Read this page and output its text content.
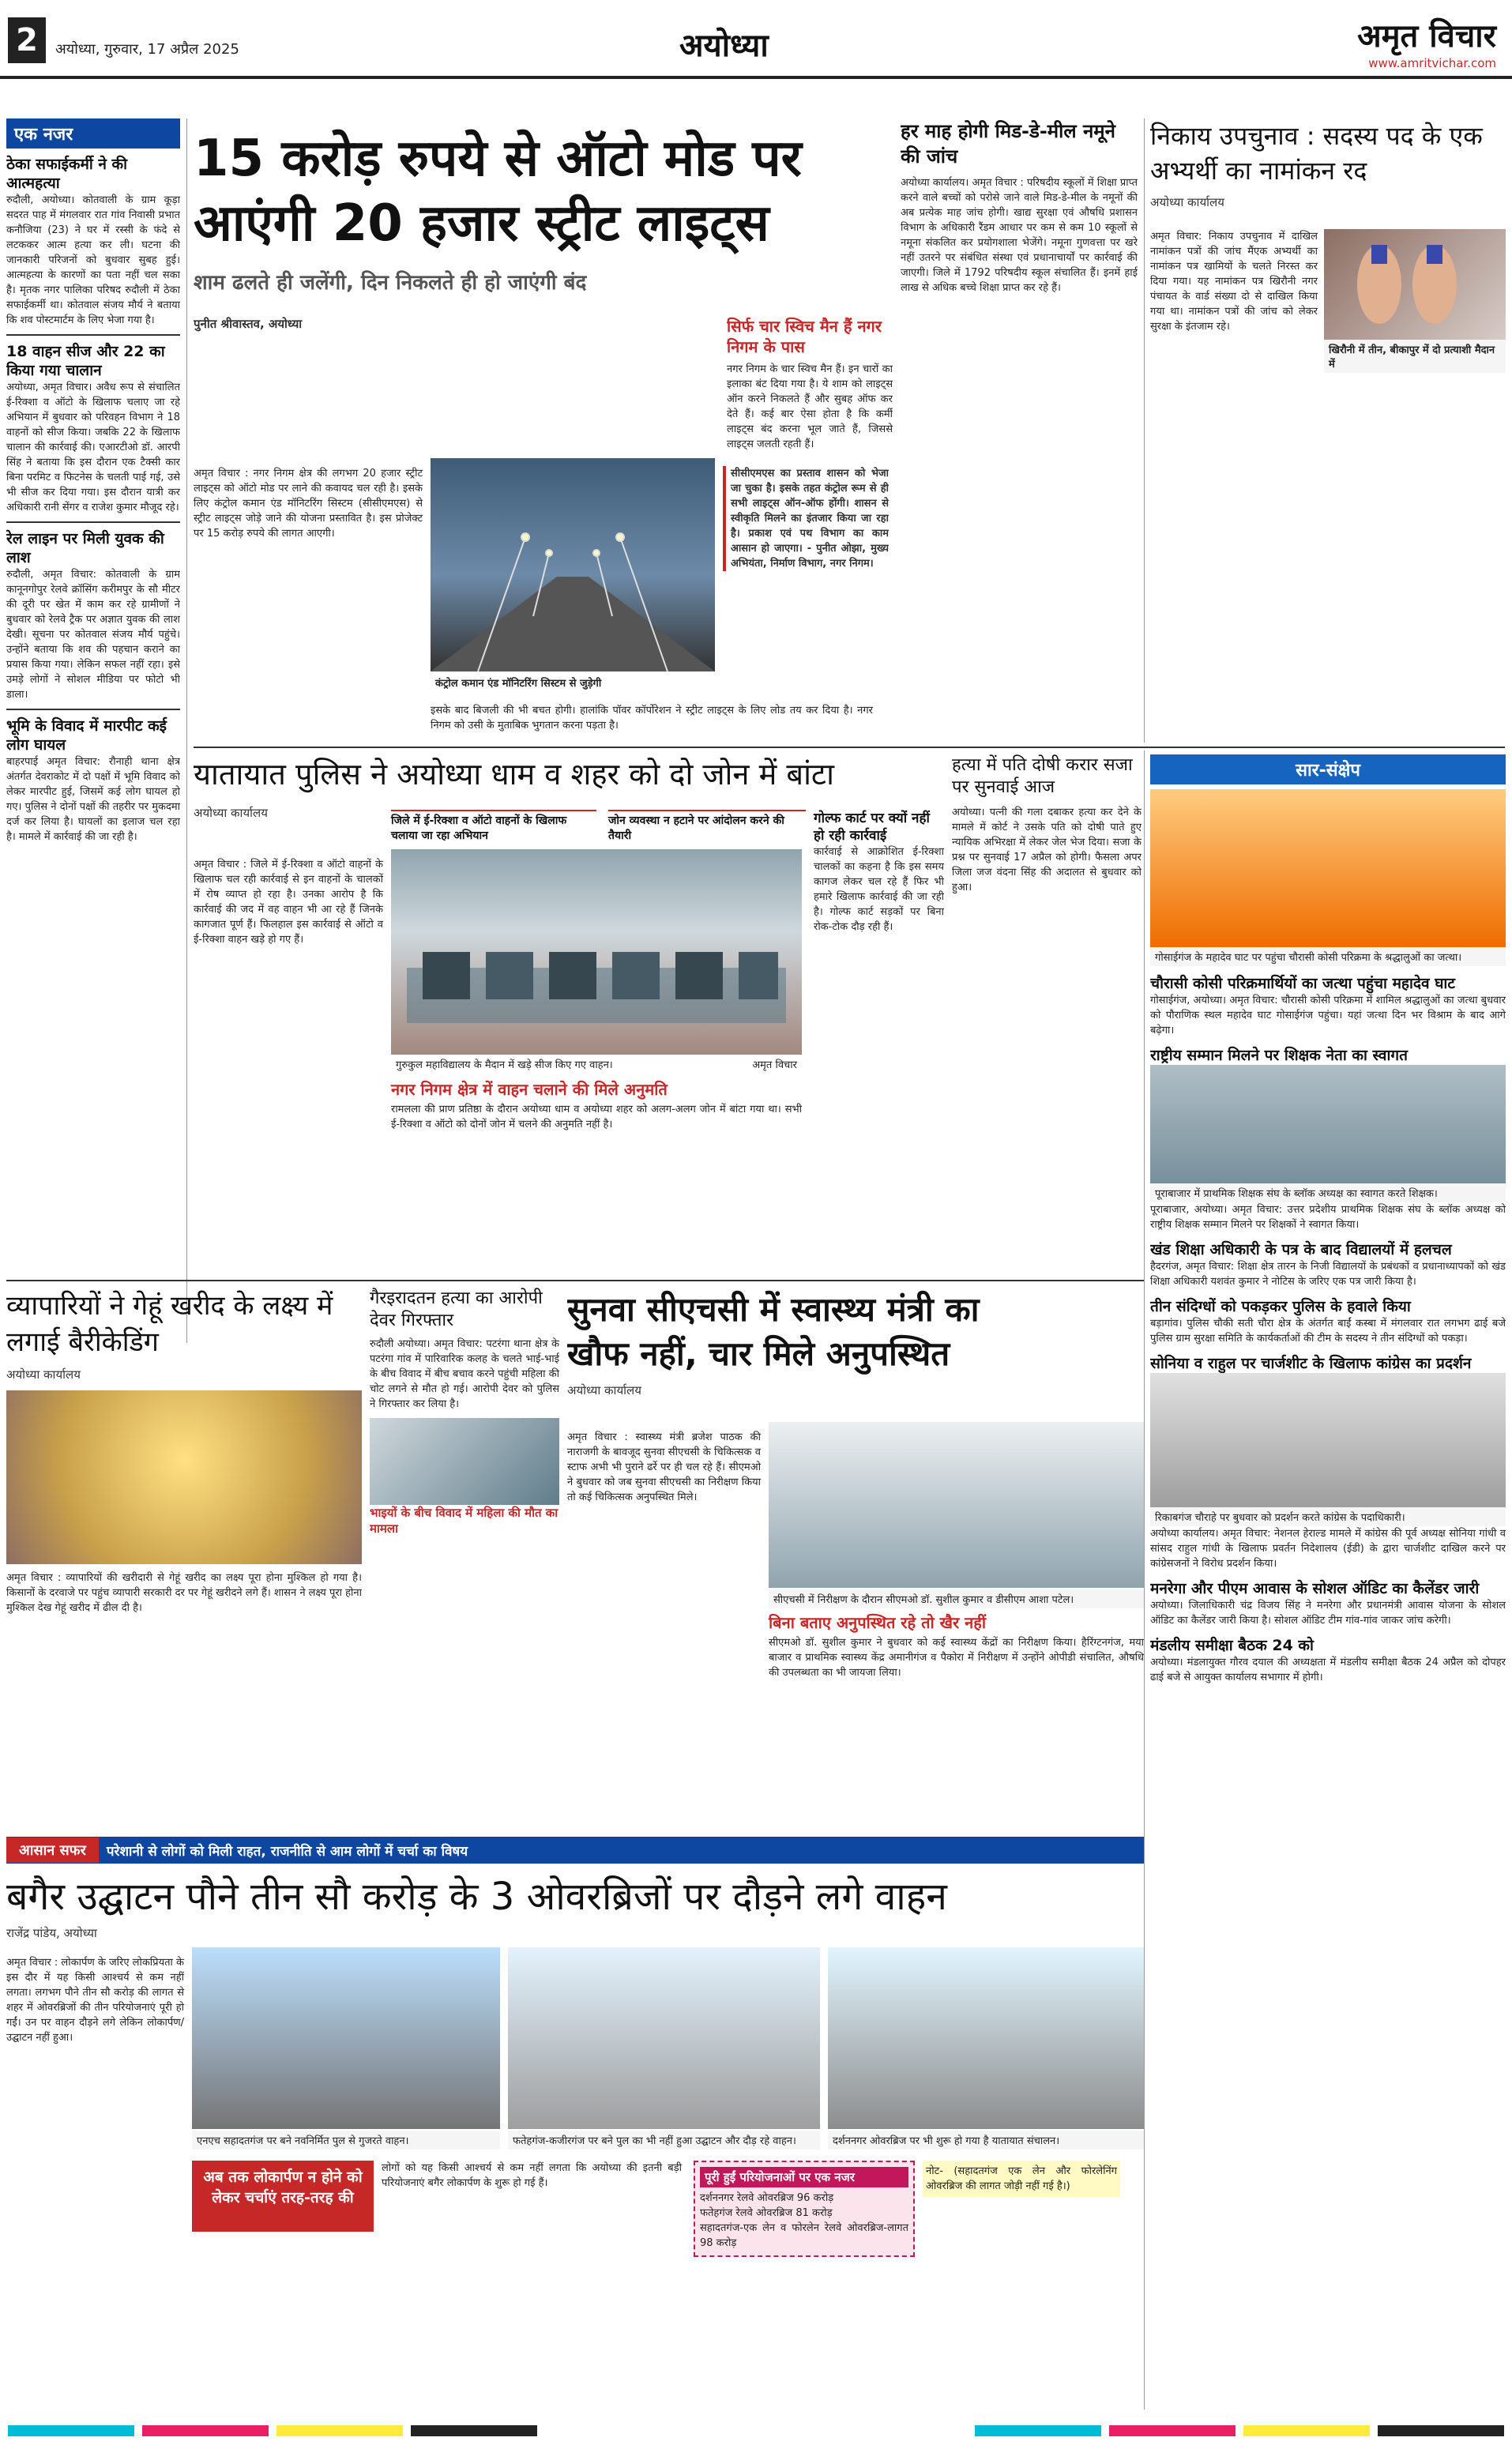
2	अयोध्या, गुरुवार, 17 अप्रैल 2025	अयोध्या	अमृत विचार
www.amritvichar.com
एक नजर
ठेका सफाईकर्मी ने की आत्महत्या
रुदौली, अयोध्या। कोतवाली के ग्राम कूड़ा सदरत पाह में मंगलवार रात गांव निवासी प्रभात कनौजिया (23) ने घर में रस्सी के फंदे से लटककर आत्म हत्या कर ली। घटना की जानकारी परिजनों को बुधवार सुबह हुई। आत्महत्या के कारणों का पता नहीं चल सका है। मृतक नगर पालिका परिषद रुदौली में ठेका सफाईकर्मी था। कोतवाल संजय मौर्य ने बताया कि शव पोस्टमार्टम के लिए भेजा गया है।
18 वाहन सीज और 22 का किया गया चालान
अयोध्या, अमृत विचार। अवैध रूप से संचालित ई-रिक्शा व ऑटो के खिलाफ चलाए जा रहे अभियान में बुधवार को परिवहन विभाग ने 18 वाहनों को सीज किया। जबकि 22 के खिलाफ चालान की कार्रवाई की। एआरटीओ डॉ. आरपी सिंह ने बताया कि इस दौरान एक टैक्सी कार बिना परमिट व फिटनेस के चलती पाई गई, उसे भी सीज कर दिया गया। इस दौरान यात्री कर अधिकारी रानी सेंगर व राजेश कुमार मौजूद रहे।
रेल लाइन पर मिली युवक की लाश
रुदौली, अमृत विचार: कोतवाली के ग्राम कानूनगोपुर रेलवे क्रॉसिंग करीमपुर के सौ मीटर की दूरी पर खेत में काम कर रहे ग्रामीणों ने बुधवार को रेलवे ट्रैक पर अज्ञात युवक की लाश देखी। सूचना पर कोतवाल संजय मौर्य पहुंचे। उन्होंने बताया कि शव की पहचान कराने का प्रयास किया गया। लेकिन सफल नहीं रहा। इसे उमड़े लोगों ने सोशल मीडिया पर फोटो भी डाला।
भूमि के विवाद में मारपीट कई लोग घायल
बाहरपाई अमृत विचार: रौनाही थाना क्षेत्र अंतर्गत देवराकोट में दो पक्षों में भूमि विवाद को लेकर मारपीट हुई, जिसमें कई लोग घायल हो गए। पुलिस ने दोनों पक्षों की तहरीर पर मुकदमा दर्ज कर लिया है। घायलों का इलाज चल रहा है। मामले में कार्रवाई की जा रही है।
15 करोड़ रुपये से ऑटो मोड पर
आएंगी 20 हजार स्ट्रीट लाइट्स
शाम ढलते ही जलेंगी, दिन निकलते ही हो जाएंगी बंद
पुनीत श्रीवास्तव, अयोध्या
अमृत विचार : नगर निगम क्षेत्र की लगभग 20 हजार स्ट्रीट लाइट्स को ऑटो मोड पर लाने की कवायद चल रही है। इसके लिए कंट्रोल कमान एंड मॉनिटरिंग सिस्टम (सीसीएमएस) से स्ट्रीट लाइट्स जोड़े जाने की योजना प्रस्तावित है। इस प्रोजेक्ट पर 15 करोड़ रुपये की लागत आएगी।
कंट्रोल कमान एंड मॉनिटरिंग सिस्टम से जुड़ेगी
इसके बाद बिजली की भी बचत होगी। हालांकि पॉवर कॉर्पोरेशन ने स्ट्रीट लाइट्स के लिए लोड तय कर दिया है। नगर निगम को उसी के मुताबिक भुगतान करना पड़ता है।
सीसीएमएस का प्रस्ताव शासन को भेजा जा चुका है। इसके तहत कंट्रोल रूम से ही सभी लाइट्स ऑन-ऑफ होंगी। शासन से स्वीकृति मिलने का इंतजार किया जा रहा है। प्रकाश एवं पथ विभाग का काम आसान हो जाएगा। - पुनीत ओझा, मुख्य अभियंता, निर्माण विभाग, नगर निगम।
सिर्फ चार स्विच मैन हैं नगर निगम के पास
नगर निगम के चार स्विच मैन हैं। इन चारों का इलाका बंट दिया गया है। ये शाम को लाइट्स ऑन करने निकलते हैं और सुबह ऑफ कर देते हैं। कई बार ऐसा होता है कि कर्मी लाइट्स बंद करना भूल जाते हैं, जिससे लाइट्स जलती रहती हैं।
हर माह होगी मिड-डे-मील नमूने की जांच
अयोध्या कार्यालय। अमृत विचार : परिषदीय स्कूलों में शिक्षा प्राप्त करने वाले बच्चों को परोसे जाने वाले मिड-डे-मील के नमूनों की अब प्रत्येक माह जांच होगी। खाद्य सुरक्षा एवं औषधि प्रशासन विभाग के अधिकारी रैंडम आधार पर कम से कम 10 स्कूलों से नमूना संकलित कर प्रयोगशाला भेजेंगे। नमूना गुणवत्ता पर खरे नहीं उतरने पर संबंधित संस्था एवं प्रधानाचार्यों पर कार्रवाई की जाएगी। जिले में 1792 परिषदीय स्कूल संचालित हैं। इनमें हाई लाख से अधिक बच्चे शिक्षा प्राप्त कर रहे हैं।
निकाय उपचुनाव : सदस्य पद के एक अभ्यर्थी का नामांकन रद
अयोध्या कार्यालय
खिरौनी में तीन, बीकापुर में दो प्रत्याशी मैदान में
अमृत विचार: निकाय उपचुनाव में दाखिल नामांकन पत्रों की जांच मैंएक अभ्यर्थी का नामांकन पत्र खामियों के चलते निरस्त कर दिया गया। यह नामांकन पत्र खिरौनी नगर पंचायत के वार्ड संख्या दो से दाखिल किया गया था। नामांकन पत्रों की जांच को लेकर सुरक्षा के इंतजाम रहे।
यातायात पुलिस ने अयोध्या धाम व शहर को दो जोन में बांटा
अयोध्या कार्यालय
अमृत विचार : जिले में ई-रिक्शा व ऑटो वाहनों के खिलाफ चल रही कार्रवाई से इन वाहनों के चालकों में रोष व्याप्त हो रहा है। उनका आरोप है कि कार्रवाई की जद में वह वाहन भी आ रहे हैं जिनके कागजात पूर्ण हैं। फिलहाल इस कार्रवाई से ऑटो व ई-रिक्शा वाहन खड़े हो गए हैं।
जिले में ई-रिक्शा व ऑटो वाहनों के खिलाफ चलाया जा रहा अभियान
जोन व्यवस्था न हटाने पर आंदोलन करने की तैयारी
गुरुकुल महाविद्यालय के मैदान में खड़े सीज किए गए वाहन।	अमृत विचार
नगर निगम क्षेत्र में वाहन चलाने की मिले अनुमति
रामलला की प्राण प्रतिष्ठा के दौरान अयोध्या धाम व अयोध्या शहर को अलग-अलग जोन में बांटा गया था। सभी ई-रिक्शा व ऑटो को दोनों जोन में चलने की अनुमति नहीं है।
गोल्फ कार्ट पर क्यों नहीं हो रही कार्रवाई
कार्रवाई से आक्रोशित ई-रिक्शा चालकों का कहना है कि इस समय कागज लेकर चल रहे हैं फिर भी हमारे खिलाफ कार्रवाई की जा रही है। गोल्फ कार्ट सड़कों पर बिना रोक-टोक दौड़ रही हैं।
हत्या में पति दोषी करार सजा पर सुनवाई आज
अयोध्या। पत्नी की गला दबाकर हत्या कर देने के मामले में कोर्ट ने उसके पति को दोषी पाते हुए न्यायिक अभिरक्षा में लेकर जेल भेज दिया। सजा के प्रश्न पर सुनवाई 17 अप्रैल को होगी। फैसला अपर जिला जज वंदना सिंह की अदालत से बुधवार को हुआ।
सार-संक्षेप
गोसाईगंज के महादेव घाट पर पहुंचा चौरासी कोसी परिक्रमा के श्रद्धालुओं का जत्था।
चौरासी कोसी परिक्रमार्थियों का जत्था पहुंचा महादेव घाट
गोसाईगंज, अयोध्या। अमृत विचार: चौरासी कोसी परिक्रमा में शामिल श्रद्धालुओं का जत्था बुधवार को पौराणिक स्थल महादेव घाट गोसाईगंज पहुंचा। यहां जत्था दिन भर विश्राम के बाद आगे बढ़ेगा।
राष्ट्रीय सम्मान मिलने पर शिक्षक नेता का स्वागत
पूराबाजार में प्राथमिक शिक्षक संघ के ब्लॉक अध्यक्ष का स्वागत करते शिक्षक।
पूराबाजार, अयोध्या। अमृत विचार: उत्तर प्रदेशीय प्राथमिक शिक्षक संघ के ब्लॉक अध्यक्ष को राष्ट्रीय शिक्षक सम्मान मिलने पर शिक्षकों ने स्वागत किया।
खंड शिक्षा अधिकारी के पत्र के बाद विद्यालयों में हलचल
हैदरगंज, अमृत विचार: शिक्षा क्षेत्र तारन के निजी विद्यालयों के प्रबंधकों व प्रधानाध्यापकों को खंड शिक्षा अधिकारी यशवंत कुमार ने नोटिस के जरिए एक पत्र जारी किया है।
तीन संदिग्धों को पकड़कर पुलिस के हवाले किया
बड़ागांव। पुलिस चौकी सती चौरा क्षेत्र के अंतर्गत बाईं कस्बा में मंगलवार रात लगभग ढाई बजे पुलिस ग्राम सुरक्षा समिति के कार्यकर्ताओं की टीम के सदस्य ने तीन संदिग्धों को पकड़ा।
सोनिया व राहुल पर चार्जशीट के खिलाफ कांग्रेस का प्रदर्शन
रिकाबगंज चौराहे पर बुधवार को प्रदर्शन करते कांग्रेस के पदाधिकारी।
अयोध्या कार्यालय। अमृत विचार: नेशनल हेराल्ड मामले में कांग्रेस की पूर्व अध्यक्ष सोनिया गांधी व सांसद राहुल गांधी के खिलाफ प्रवर्तन निदेशालय (ईडी) के द्वारा चार्जशीट दाखिल करने पर कांग्रेसजनों ने विरोध प्रदर्शन किया।
मनरेगा और पीएम आवास के सोशल ऑडिट का कैलेंडर जारी
अयोध्या। जिलाधिकारी चंद्र विजय सिंह ने मनरेगा और प्रधानमंत्री आवास योजना के सोशल ऑडिट का कैलेंडर जारी किया है। सोशल ऑडिट टीम गांव-गांव जाकर जांच करेगी।
मंडलीय समीक्षा बैठक 24 को
अयोध्या। मंडलायुक्त गौरव दयाल की अध्यक्षता में मंडलीय समीक्षा बैठक 24 अप्रैल को दोपहर ढाई बजे से आयुक्त कार्यालय सभागार में होगी।
व्यापारियों ने गेहूं खरीद के लक्ष्य में लगाई बैरीकेडिंग
अयोध्या कार्यालय
अमृत विचार : व्यापारियों की खरीदारी से गेहूं खरीद का लक्ष्य पूरा होना मुश्किल हो गया है। किसानों के दरवाजे पर पहुंच व्यापारी सरकारी दर पर गेहूं खरीदने लगे हैं। शासन ने लक्ष्य पूरा होना मुश्किल देख गेहूं खरीद में ढील दी है।
गैरइरादतन हत्या का आरोपी देवर गिरफ्तार
रुदौली अयोध्या। अमृत विचार: पटरंगा थाना क्षेत्र के पटरंगा गांव में पारिवारिक कलह के चलते भाई-भाई के बीच विवाद में बीच बचाव करने पहुंची महिला की चोट लगने से मौत हो गई। आरोपी देवर को पुलिस ने गिरफ्तार कर लिया है।
भाइयों के बीच विवाद में महिला की मौत का मामला
सुनवा सीएचसी में स्वास्थ्य मंत्री का
खौफ नहीं, चार मिले अनुपस्थित
अयोध्या कार्यालय
अमृत विचार : स्वास्थ्य मंत्री ब्रजेश पाठक की नाराजगी के बावजूद सुनवा सीएचसी के चिकित्सक व स्टाफ अभी भी पुराने ढर्रे पर ही चल रहे हैं। सीएमओ ने बुधवार को जब सुनवा सीएचसी का निरीक्षण किया तो कई चिकित्सक अनुपस्थित मिले।
सीएचसी में निरीक्षण के दौरान सीएमओ डॉ. सुशील कुमार व डीसीएम आशा पटेल।
बिना बताए अनुपस्थित रहे तो खैर नहीं
सीएमओ डॉ. सुशील कुमार ने बुधवार को कई स्वास्थ्य केंद्रों का निरीक्षण किया। हैरिंग्टनगंज, मया बाजार व प्राथमिक स्वास्थ्य केंद्र अमानीगंज व पैकोरा में निरीक्षण में उन्होंने ओपीडी संचालित, औषधि की उपलब्धता का भी जायजा लिया।
आसान सफर	परेशानी से लोगों को मिली राहत, राजनीति से आम लोगों में चर्चा का विषय
बगैर उद्घाटन पौने तीन सौ करोड़ के 3 ओवरब्रिजों पर दौड़ने लगे वाहन
राजेंद्र पांडेय, अयोध्या
अमृत विचार : लोकार्पण के जरिए लोकप्रियता के इस दौर में यह किसी आश्चर्य से कम नहीं लगता। लगभग पौने तीन सौ करोड़ की लागत से शहर में ओवरब्रिजों की तीन परियोजनाएं पूरी हो गईं। उन पर वाहन दौड़ने लगे लेकिन लोकार्पण/उद्घाटन नहीं हुआ।
एनएच सहादतगंज पर बने नवनिर्मित पुल से गुजरते वाहन।	फतेहगंज-कजीरगंज पर बने पुल का भी नहीं हुआ उद्घाटन और दौड़ रहे वाहन।	दर्शननगर ओवरब्रिज पर भी शुरू हो गया है यातायात संचालन।
अब तक लोकार्पण न होने को लेकर चर्चाएं तरह-तरह की
लोगों को यह किसी आश्चर्य से कम नहीं लगता कि अयोध्या की इतनी बड़ी परियोजनाएं बगैर लोकार्पण के शुरू हो गई हैं।	पूरी हुईं परियोजनाओं पर एक नजर
दर्शननगर रेलवे ओवरब्रिज 96 करोड़
फतेहगंज रेलवे ओवरब्रिज 81 करोड़
सहादतगंज-एक लेन व फोरलेन रेलवे ओवरब्रिज-लागत 98 करोड़
नोट- (सहादतगंज एक लेन और फोरलेनिंग ओवरब्रिज की लागत जोड़ी नहीं गई है।)
